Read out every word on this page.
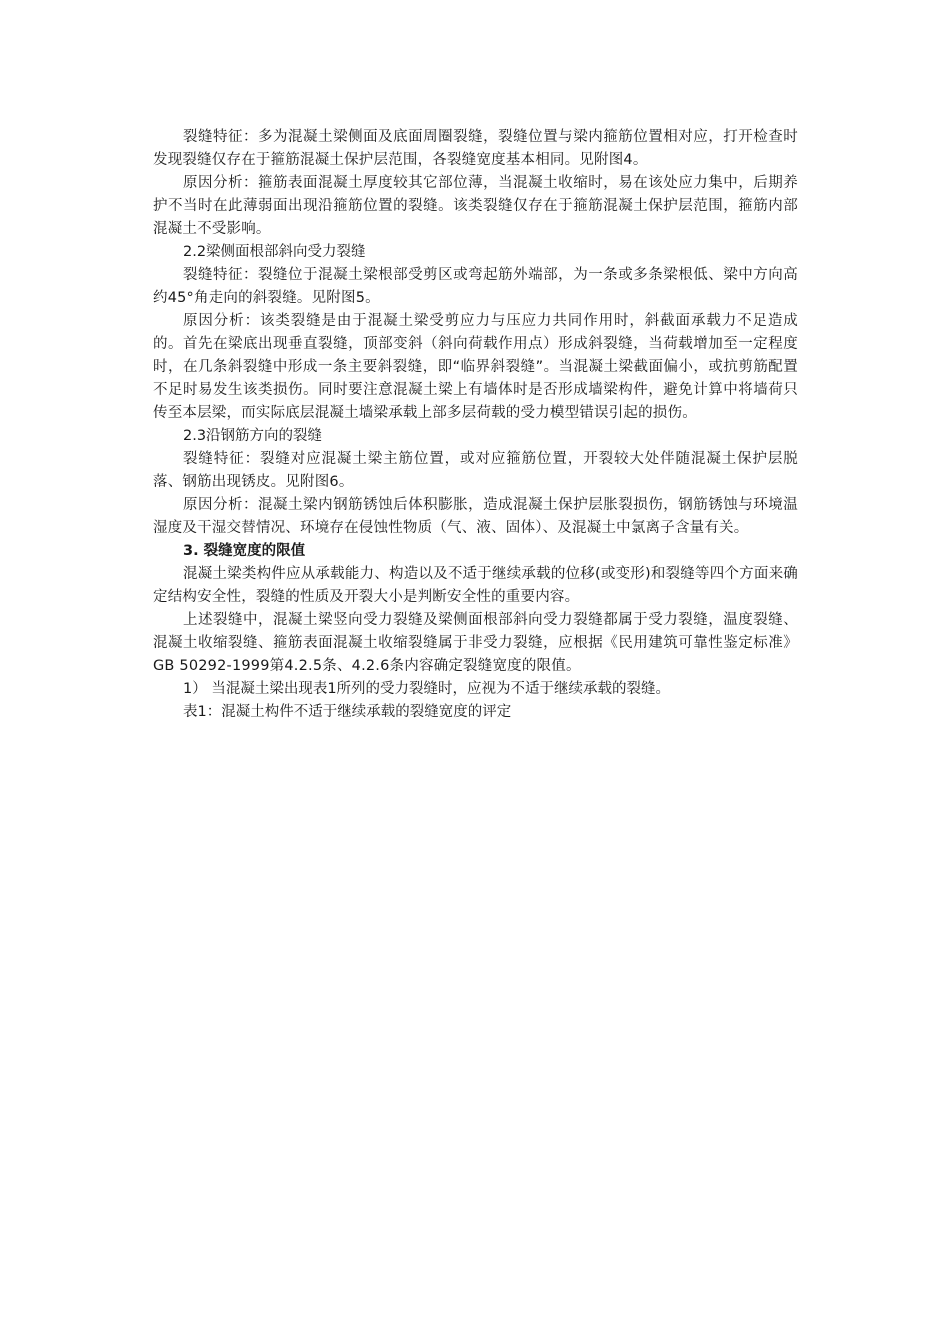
裂缝特征：多为混凝土梁侧面及底面周圈裂缝，裂缝位置与梁内箍筋位置相对应，打开检查时发现裂缝仅存在于箍筋混凝土保护层范围，各裂缝宽度基本相同。见附图4。

原因分析：箍筋表面混凝土厚度较其它部位薄，当混凝土收缩时，易在该处应力集中，后期养护不当时在此薄弱面出现沿箍筋位置的裂缝。该类裂缝仅存在于箍筋混凝土保护层范围，箍筋内部混凝土不受影响。

2.2梁侧面根部斜向受力裂缝

裂缝特征：裂缝位于混凝土梁根部受剪区或弯起筋外端部，为一条或多条梁根低、梁中方向高约45°角走向的斜裂缝。见附图5。

原因分析：该类裂缝是由于混凝土梁受剪应力与压应力共同作用时，斜截面承载力不足造成的。首先在梁底出现垂直裂缝，顶部变斜（斜向荷载作用点）形成斜裂缝，当荷载增加至一定程度时，在几条斜裂缝中形成一条主要斜裂缝，即“临界斜裂缝”。当混凝土梁截面偏小，或抗剪筋配置不足时易发生该类损伤。同时要注意混凝土梁上有墙体时是否形成墙梁构件，避免计算中将墙荷只传至本层梁，而实际底层混凝土墙梁承载上部多层荷载的受力模型错误引起的损伤。

2.3沿钢筋方向的裂缝

裂缝特征：裂缝对应混凝土梁主筋位置，或对应箍筋位置，开裂较大处伴随混凝土保护层脱落、钢筋出现锈皮。见附图6。

原因分析：混凝土梁内钢筋锈蚀后体积膨胀，造成混凝土保护层胀裂损伤，钢筋锈蚀与环境温湿度及干湿交替情况、环境存在侵蚀性物质（气、液、固体）、及混凝土中氯离子含量有关。

3. 裂缝宽度的限值

混凝土梁类构件应从承载能力、构造以及不适于继续承载的位移(或变形)和裂缝等四个方面来确定结构安全性，裂缝的性质及开裂大小是判断安全性的重要内容。

上述裂缝中，混凝土梁竖向受力裂缝及梁侧面根部斜向受力裂缝都属于受力裂缝，温度裂缝、混凝土收缩裂缝、箍筋表面混凝土收缩裂缝属于非受力裂缝，应根据《民用建筑可靠性鉴定标准》GB 50292-1999第4.2.5条、4.2.6条内容确定裂缝宽度的限值。

1） 当混凝土梁出现表1所列的受力裂缝时，应视为不适于继续承载的裂缝。

表1：混凝土构件不适于继续承载的裂缝宽度的评定
